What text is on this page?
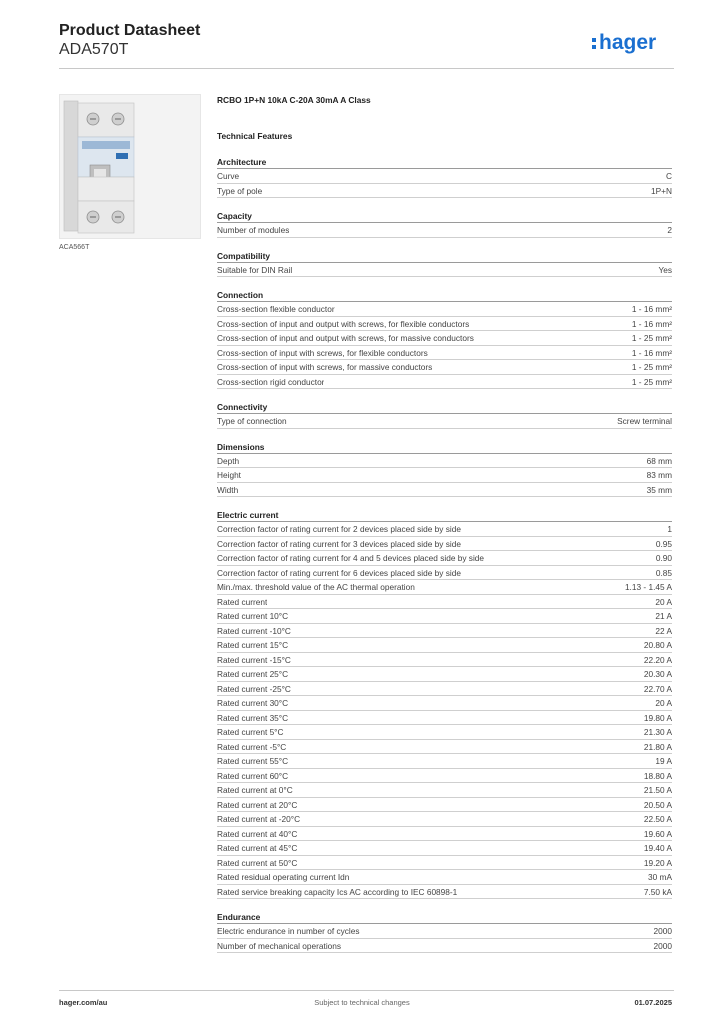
Product Datasheet
ADA570T	hager
ACA566T
RCBO 1P+N 10kA C-20A 30mA A Class
Technical Features
Architecture
Curve	C
Type of pole	1P+N
Capacity
Number of modules	2
Compatibility
Suitable for DIN Rail	Yes
Connection
Cross-section flexible conductor	1 - 16 mm²
Cross-section of input and output with screws, for flexible conductors	1 - 16 mm²
Cross-section of input and output with screws, for massive conductors	1 - 25 mm²
Cross-section of input with screws, for flexible conductors	1 - 16 mm²
Cross-section of input with screws, for massive conductors	1 - 25 mm²
Cross-section rigid conductor	1 - 25 mm²
Connectivity
Type of connection	Screw terminal
Dimensions
Depth	68 mm
Height	83 mm
Width	35 mm
Electric current
Correction factor of rating current for 2 devices placed side by side	1
Correction factor of rating current for 3 devices placed side by side	0.95
Correction factor of rating current for 4 and 5 devices placed side by side	0.90
Correction factor of rating current for 6 devices placed side by side	0.85
Min./max. threshold value of the AC thermal operation	1.13 - 1.45 A
Rated current	20 A
Rated current 10°C	21 A
Rated current -10°C	22 A
Rated current 15°C	20.80 A
Rated current -15°C	22.20 A
Rated current 25°C	20.30 A
Rated current -25°C	22.70 A
Rated current 30°C	20 A
Rated current 35°C	19.80 A
Rated current 5°C	21.30 A
Rated current -5°C	21.80 A
Rated current 55°C	19 A
Rated current 60°C	18.80 A
Rated current at 0°C	21.50 A
Rated current at 20°C	20.50 A
Rated current at -20°C	22.50 A
Rated current at 40°C	19.60 A
Rated current at 45°C	19.40 A
Rated current at 50°C	19.20 A
Rated residual operating current Idn	30 mA
Rated service breaking capacity Ics AC according to IEC 60898-1	7.50 kA
Endurance
Electric endurance in number of cycles	2000
Number of mechanical operations	2000
hager.com/au	Subject to technical changes	01.07.2025
